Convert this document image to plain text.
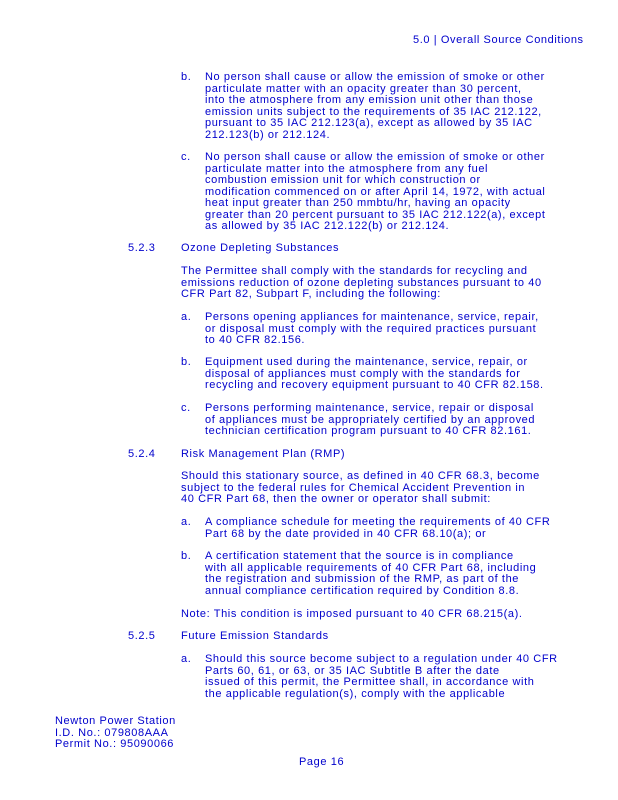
5.0 | Overall Source Conditions

b. No person shall cause or allow the emission of smoke or other
particulate matter with an opacity greater than 30 percent,
into the atmosphere from any emission unit other than those
emission units subject to the requirements of 35 IAC 212.122,
pursuant to 35 IAC 212.123(a), except as allowed by 35 IAC
212.123(b) or 212.124.

c. No person shall cause or allow the emission of smoke or other
particulate matter into the atmosphere from any fuel
combustion emission unit for which construction or
modification commenced on or after April 14, 1972, with actual
heat input greater than 250 mmbtu/hr, having an opacity
greater than 20 percent pursuant to 35 IAC 212.122(a), except
as allowed by 35 IAC 212.122(b) or 212.124.

5.2.3 Ozone Depleting Substances

The Permittee shall comply with the standards for recycling and
emissions reduction of ozone depleting substances pursuant to 40
CFR Part 82, Subpart F, including the following:

a. Persons opening appliances for maintenance, service, repair,
or disposal must comply with the required practices pursuant
to 40 CFR 82.156.

b. Equipment used during the maintenance, service, repair, or
disposal of appliances must comply with the standards for
recycling and recovery equipment pursuant to 40 CFR 82.158.

c. Persons performing maintenance, service, repair or disposal
of appliances must be appropriately certified by an approved
technician certification program pursuant to 40 CFR 82.161.

5.2.4 Risk Management Plan (RMP)

Should this stationary source, as defined in 40 CFR 68.3, become
subject to the federal rules for Chemical Accident Prevention in
40 CFR Part 68, then the owner or operator shall submit:

a. A compliance schedule for meeting the requirements of 40 CFR
Part 68 by the date provided in 40 CFR 68.10(a); or

b. A certification statement that the source is in compliance
with all applicable requirements of 40 CFR Part 68, including
the registration and submission of the RMP, as part of the
annual compliance certification required by Condition 8.8.

Note: This condition is imposed pursuant to 40 CFR 68.215(a).

5.2.5 Future Emission Standards

a. Should this source become subject to a regulation under 40 CFR
Parts 60, 61, or 63, or 35 IAC Subtitle B after the date
issued of this permit, the Permittee shall, in accordance with
the applicable regulation(s), comply with the applicable
Newton Power Station
I.D. No.: 079808AAA
Permit No.: 95090066

Page 16
